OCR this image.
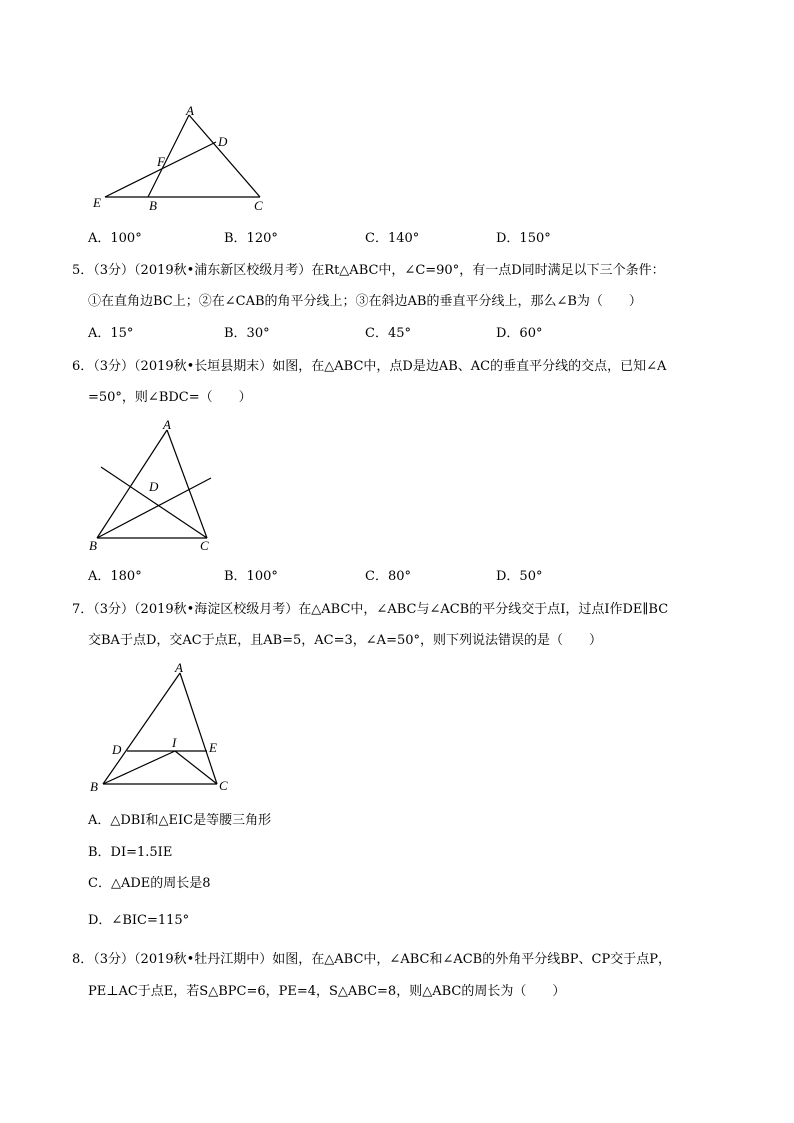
A
D
F
E	B	C
A．100°	B．120°	C．140°	D．150°
5．（3分）（2019秋•浦东新区校级月考）在Rt△ABC中，∠C=90°，有一点D同时满足以下三个条件：
①在直角边BC上；②在∠CAB的角平分线上；③在斜边AB的垂直平分线上，那么∠B为（　　）
A．15°	B．30°	C．45°	D．60°
6．（3分）（2019秋•长垣县期末）如图，在△ABC中，点D是边AB、AC的垂直平分线的交点，已知∠A
=50°，则∠BDC=（　　）
A
D
B	C
A．180°	B．100°	C．80°	D．50°
7．（3分）（2019秋•海淀区校级月考）在△ABC中，∠ABC与∠ACB的平分线交于点I，过点I作DE∥BC
交BA于点D，交AC于点E，且AB=5，AC=3，∠A=50°，则下列说法错误的是（　　）
A
D	I	E
B	C
A．△DBI和△EIC是等腰三角形
B．DI=1.5IE
C．△ADE的周长是8
D．∠BIC=115°
8．（3分）（2019秋•牡丹江期中）如图，在△ABC中，∠ABC和∠ACB的外角平分线BP、CP交于点P，
PE⊥AC于点E，若S△BPC=6，PE=4，S△ABC=8，则△ABC的周长为（　　）
